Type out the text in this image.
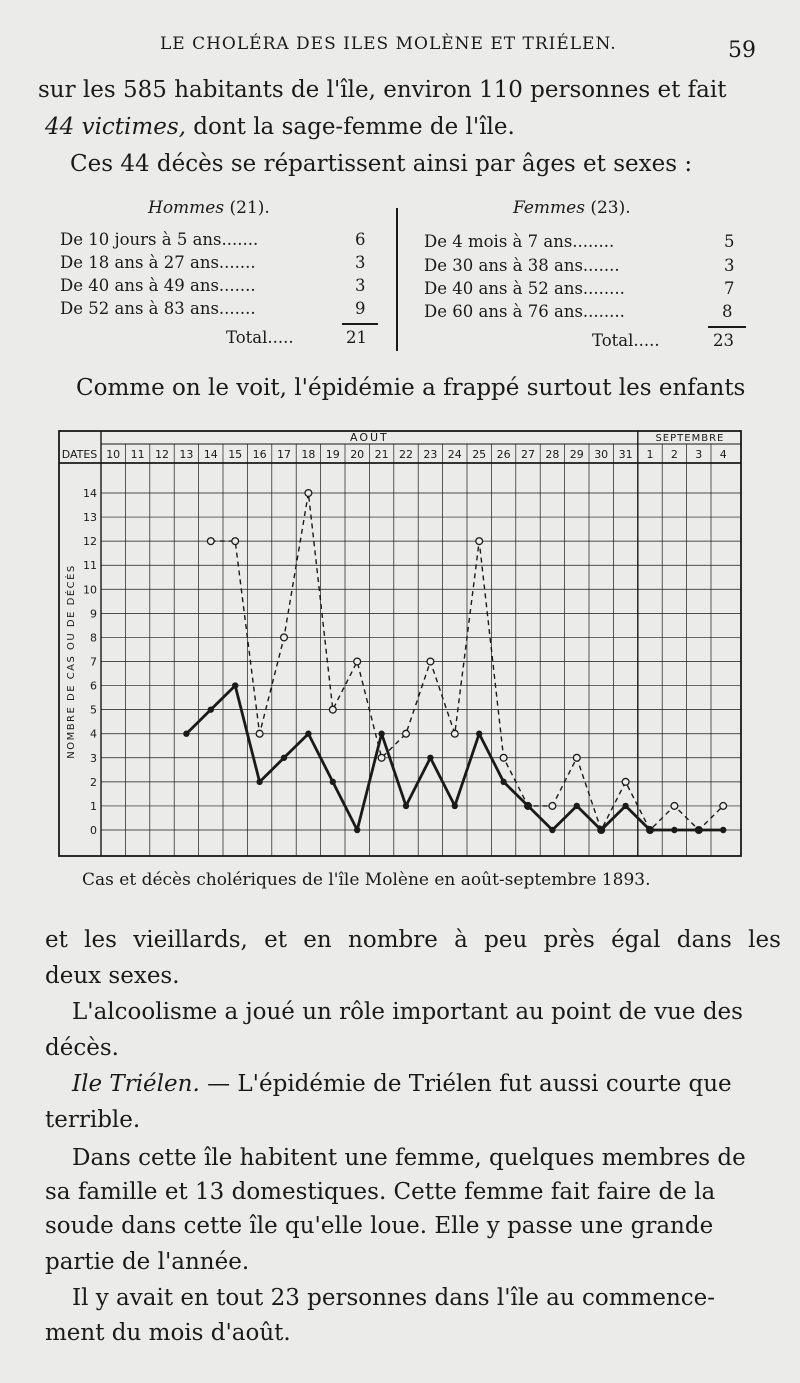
LE CHOLÉRA DES ILES MOLÈNE ET TRIÉLEN.	59
sur les 585 habitants de l'île, environ 110 personnes et fait
44 victimes, dont la sage-femme de l'île.
Ces 44 décès se répartissent ainsi par âges et sexes :
Hommes (21).	Femmes (23).
De 10 jours à 5 ans.......	6
De 18 ans à 27 ans.......	3
De 40 ans à 49 ans.......	3
De 52 ans à 83 ans.......	9
Total.....	21
De 4 mois à 7 ans........	5
De 30 ans à 38 ans.......	3
De 40 ans à 52 ans........	7
De 60 ans à 76 ans........	8
Total.....	23
Comme on le voit, l'épidémie a frappé surtout les enfants
AOÛT	SEPTEMBRE
DATES 10 11 12 13 14 15 16 17 18 19 20 21 22 23 24 25 26 27 28 29 30 31 1 2 3 4
0
1
2
3
4
5
6
7
8
9
10
11
12
13
14
NOMBRE DE CAS OU DE DÉCÈS
Cas et décès cholériques de l'île Molène en août-septembre 1893.
et les vieillards, et en nombre à peu près égal dans les
deux sexes.
L'alcoolisme a joué un rôle important au point de vue des
décès.
Ile Triélen. — L'épidémie de Triélen fut aussi courte que
terrible.
Dans cette île habitent une femme, quelques membres de
sa famille et 13 domestiques. Cette femme fait faire de la
soude dans cette île qu'elle loue. Elle y passe une grande
partie de l'année.
Il y avait en tout 23 personnes dans l'île au commence-
ment du mois d'août.
